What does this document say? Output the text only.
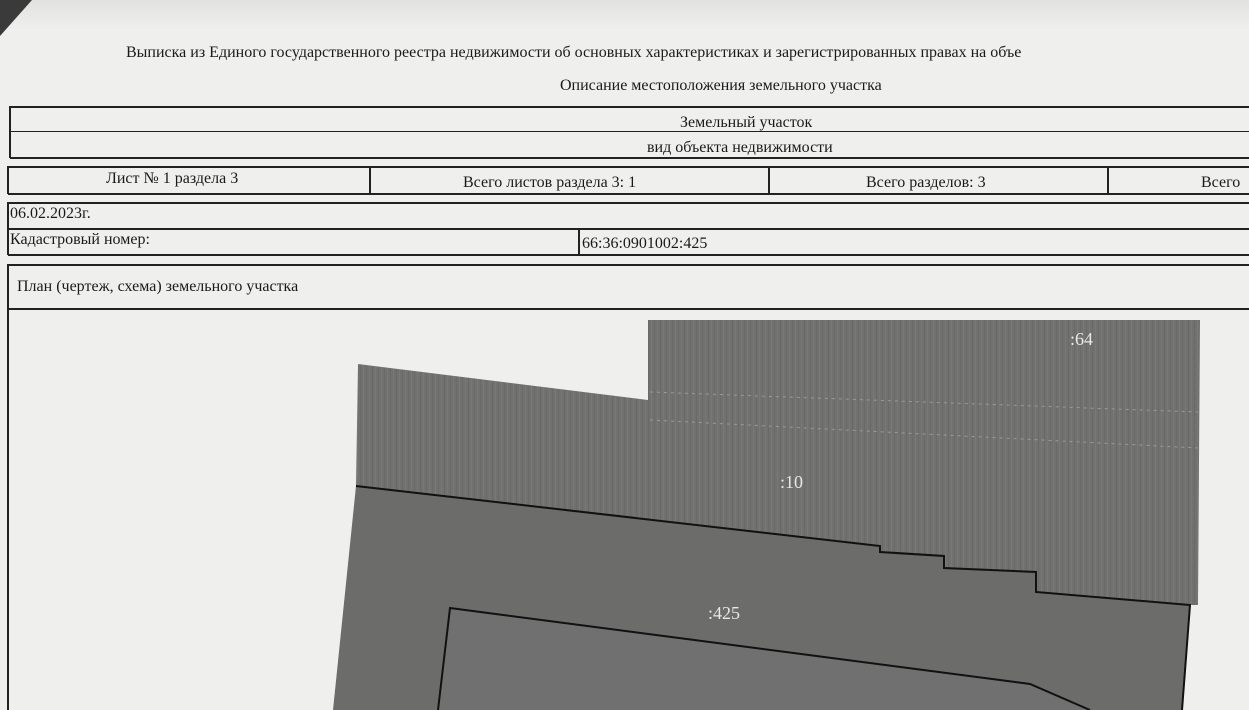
Выписка из Единого государственного реестра недвижимости об основных характеристиках и зарегистрированных правах на объе
Описание местоположения земельного участка
Земельный участок
вид объекта недвижимости
Лист № 1 раздела 3	Всего листов раздела 3: 1	Всего разделов: 3	Всего
06.02.2023г.
Кадастровый номер:	66:36:0901002:425
План (чертеж, схема) земельного участка
:64
:10
:425
